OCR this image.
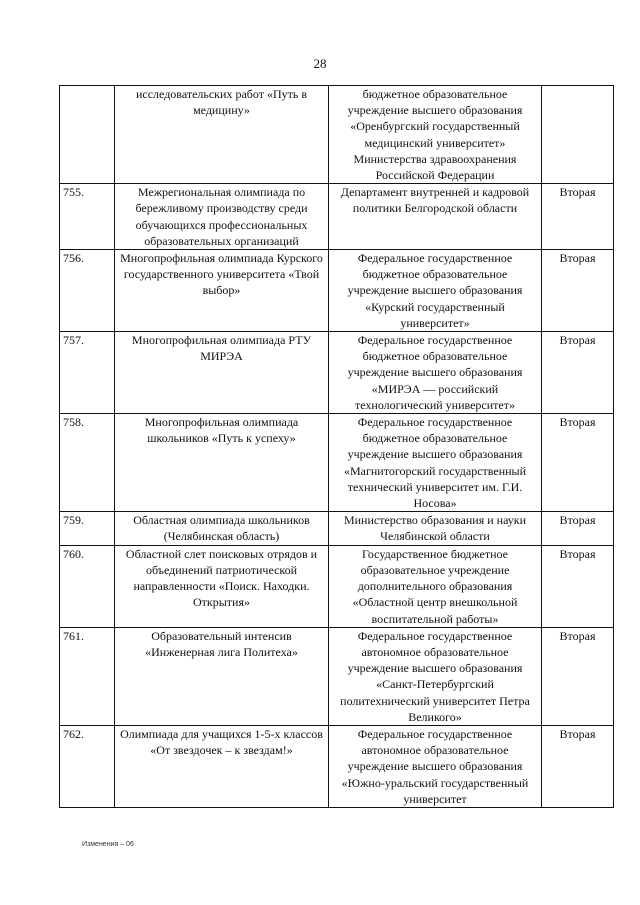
28
	исследовательских работ «Путь в медицину»	бюджетное образовательное учреждение высшего образования «Оренбургский государственный медицинский университет» Министерства здравоохранения Российской Федерации	
755.	Межрегиональная олимпиада по бережливому производству среди обучающихся профессиональных образовательных организаций	Департамент внутренней и кадровой политики Белгородской области	Вторая
756.	Многопрофильная олимпиада Курского государственного университета «Твой выбор»	Федеральное государственное бюджетное образовательное учреждение высшего образования «Курский государственный университет»	Вторая
757.	Многопрофильная олимпиада РТУ МИРЭА	Федеральное государственное бюджетное образовательное учреждение высшего образования «МИРЭА — российский технологический университет»	Вторая
758.	Многопрофильная олимпиада школьников «Путь к успеху»	Федеральное государственное бюджетное образовательное учреждение высшего образования «Магнитогорский государственный технический университет им. Г.И. Носова»	Вторая
759.	Областная олимпиада школьников (Челябинская область)	Министерство образования и науки Челябинской области	Вторая
760.	Областной слет поисковых отрядов и объединений патриотической направленности «Поиск. Находки. Открытия»	Государственное бюджетное образовательное учреждение дополнительного образования «Областной центр внешкольной воспитательной работы»	Вторая
761.	Образовательный интенсив «Инженерная лига Политеха»	Федеральное государственное автономное образовательное учреждение высшего образования «Санкт-Петербургский политехнический университет Петра Великого»	Вторая
762.	Олимпиада для учащихся 1-5-х классов «От звездочек – к звездам!»	Федеральное государственное автономное образовательное учреждение высшего образования «Южно-уральский государственный университет	Вторая
Изменения – 06
